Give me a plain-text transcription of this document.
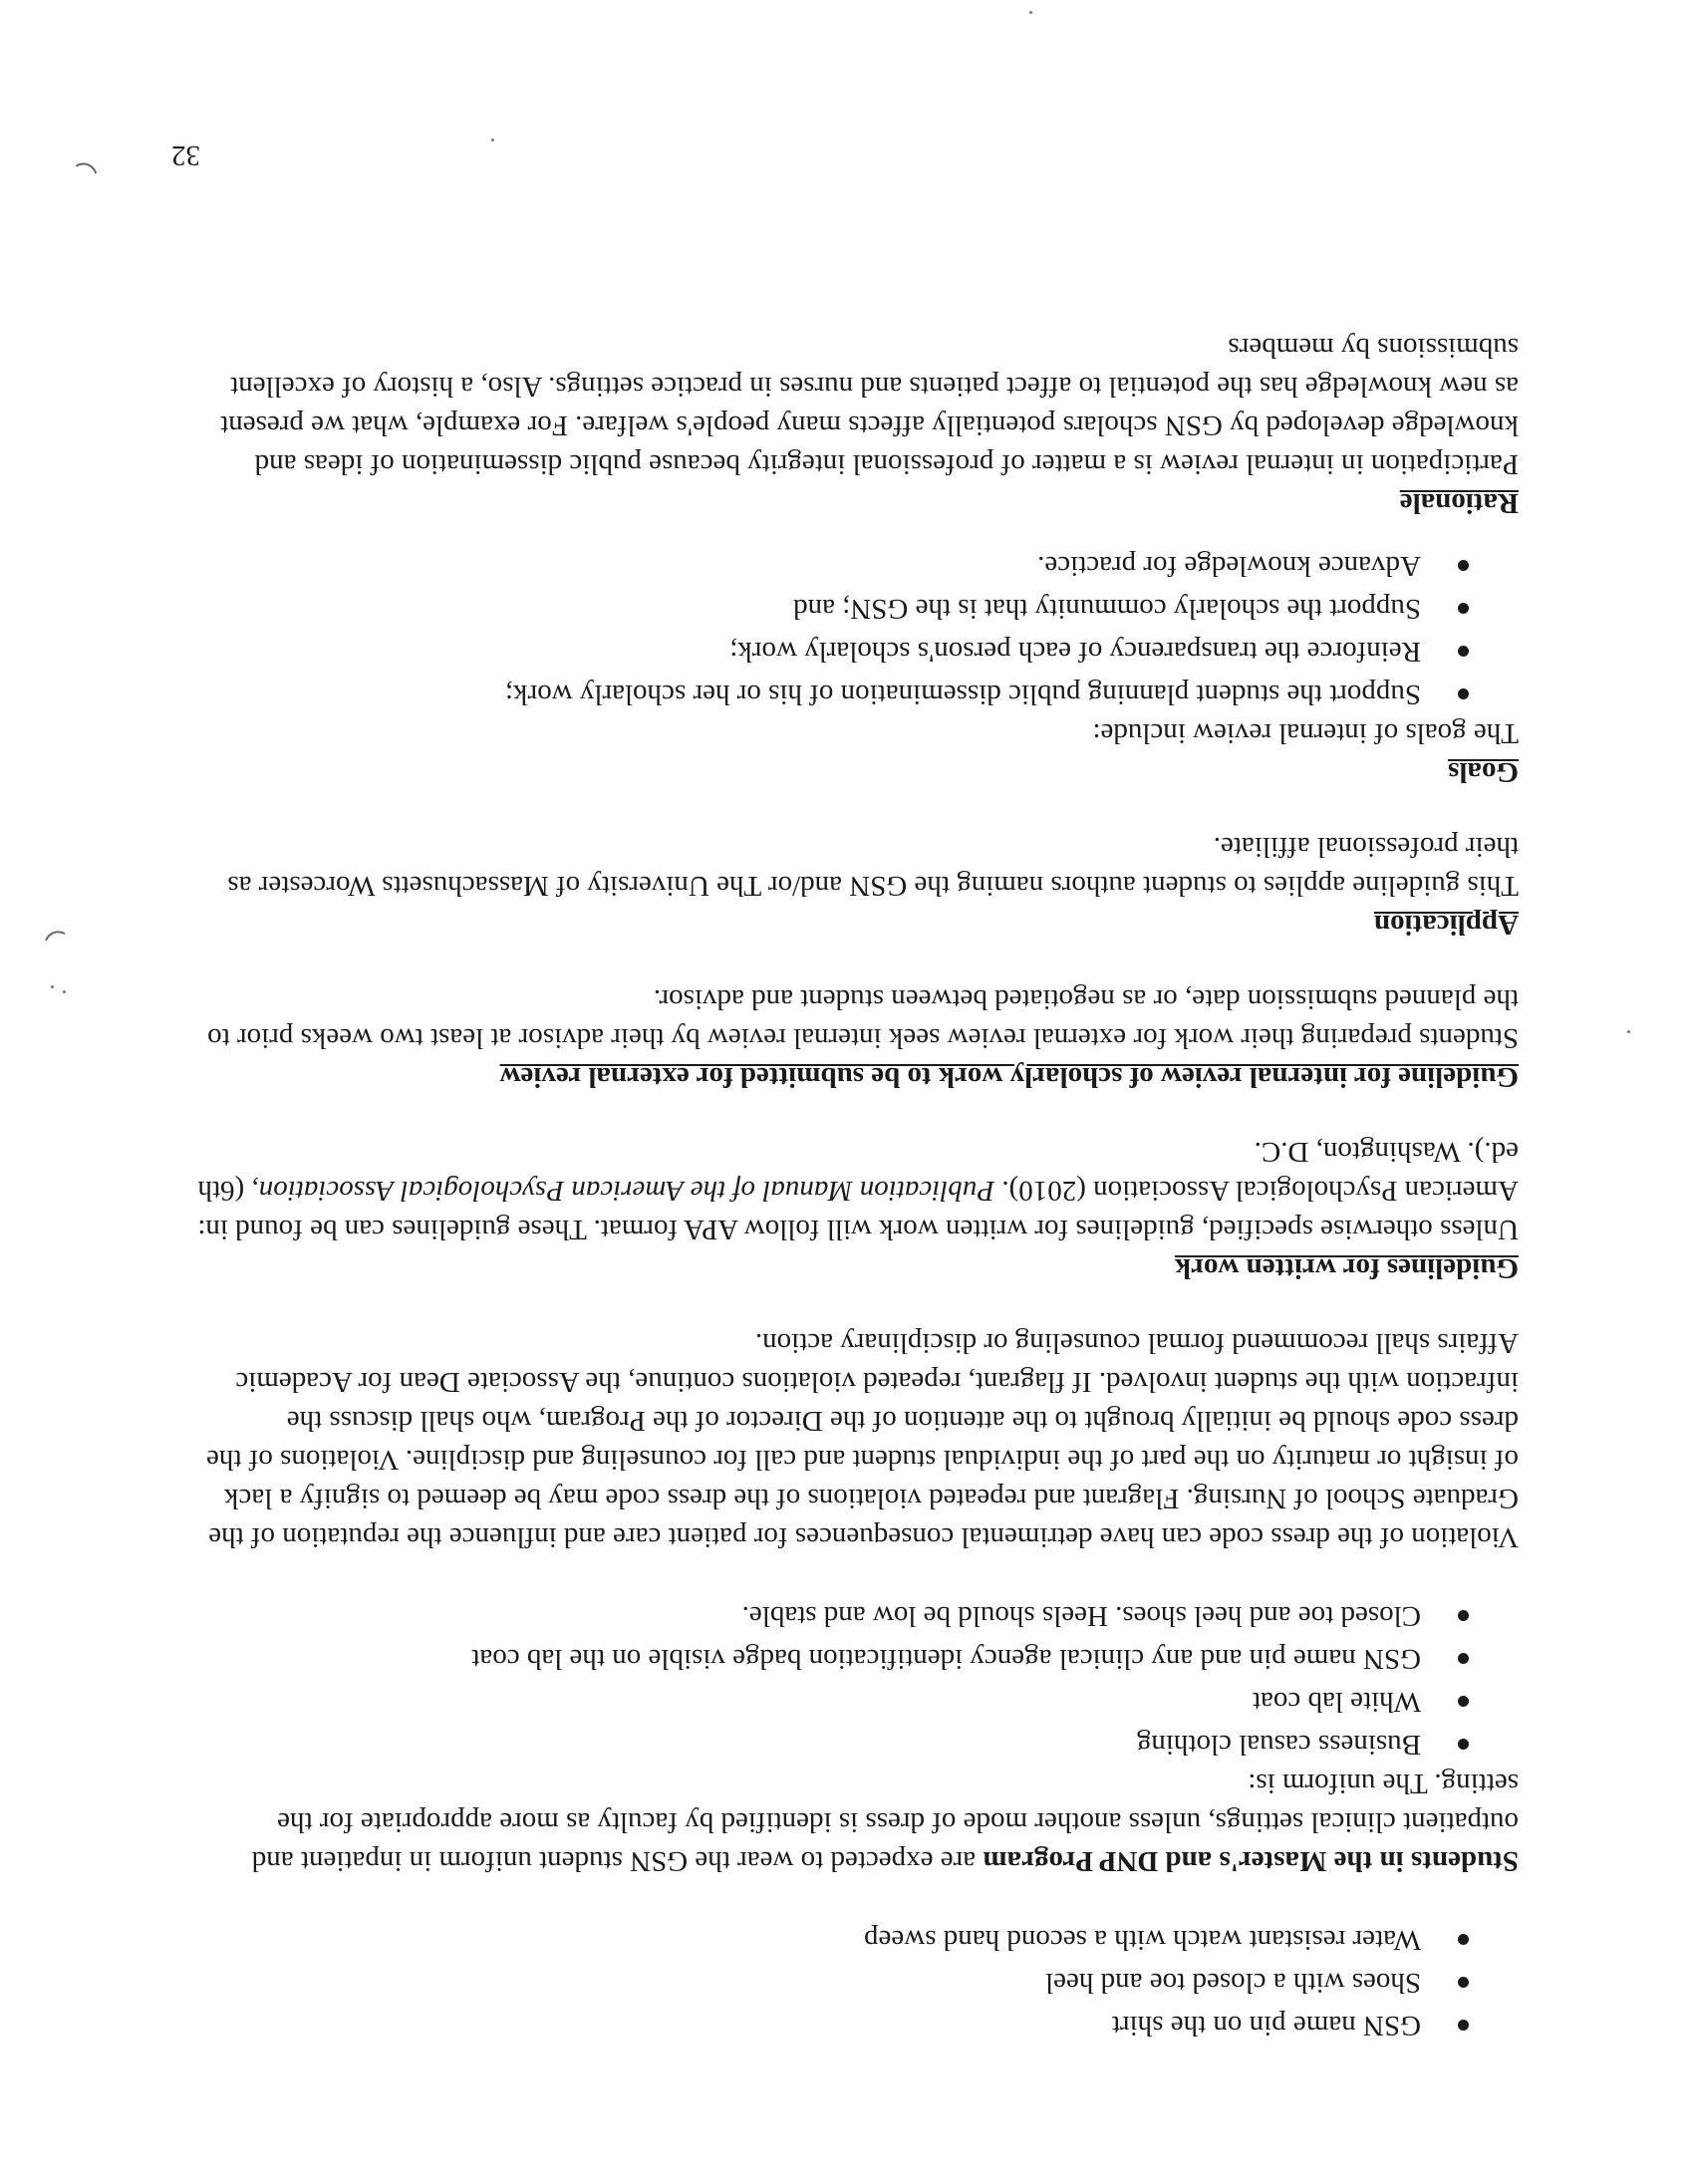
GSN name pin on the shirt
Shoes with a closed toe and heel
Water resistant watch with a second hand sweep

Students in the Master's and DNP Program are expected to wear the GSN student uniform in inpatient and outpatient clinical settings, unless another mode of dress is identified by faculty as more appropriate for the setting. The uniform is:

Business casual clothing
White lab coat
GSN name pin and any clinical agency identification badge visible on the lab coat
Closed toe and heel shoes. Heels should be low and stable.

Violation of the dress code can have detrimental consequences for patient care and influence the reputation of the Graduate School of Nursing. Flagrant and repeated violations of the dress code may be deemed to signify a lack of insight or maturity on the part of the individual student and call for counseling and discipline. Violations of the dress code should be initially brought to the attention of the Director of the Program, who shall discuss the infraction with the student involved. If flagrant, repeated violations continue, the Associate Dean for Academic Affairs shall recommend formal counseling or disciplinary action.

Guidelines for written work

Unless otherwise specified, guidelines for written work will follow APA format. These guidelines can be found in: American Psychological Association (2010). Publication Manual of the American Psychological Association, (6th ed.). Washington, D.C.

Guideline for internal review of scholarly work to be submitted for external review

Students preparing their work for external review seek internal review by their advisor at least two weeks prior to the planned submission date, or as negotiated between student and advisor.

Application

This guideline applies to student authors naming the GSN and/or The University of Massachusetts Worcester as their professional affiliate.

Goals

The goals of internal review include:

Support the student planning public dissemination of his or her scholarly work;
Reinforce the transparency of each person's scholarly work;
Support the scholarly community that is the GSN; and
Advance knowledge for practice.

Rationale

Participation in internal review is a matter of professional integrity because public dissemination of ideas and knowledge developed by GSN scholars potentially affects many people's welfare. For example, what we present as new knowledge has the potential to affect patients and nurses in practice settings. Also, a history of excellent submissions by members

32
